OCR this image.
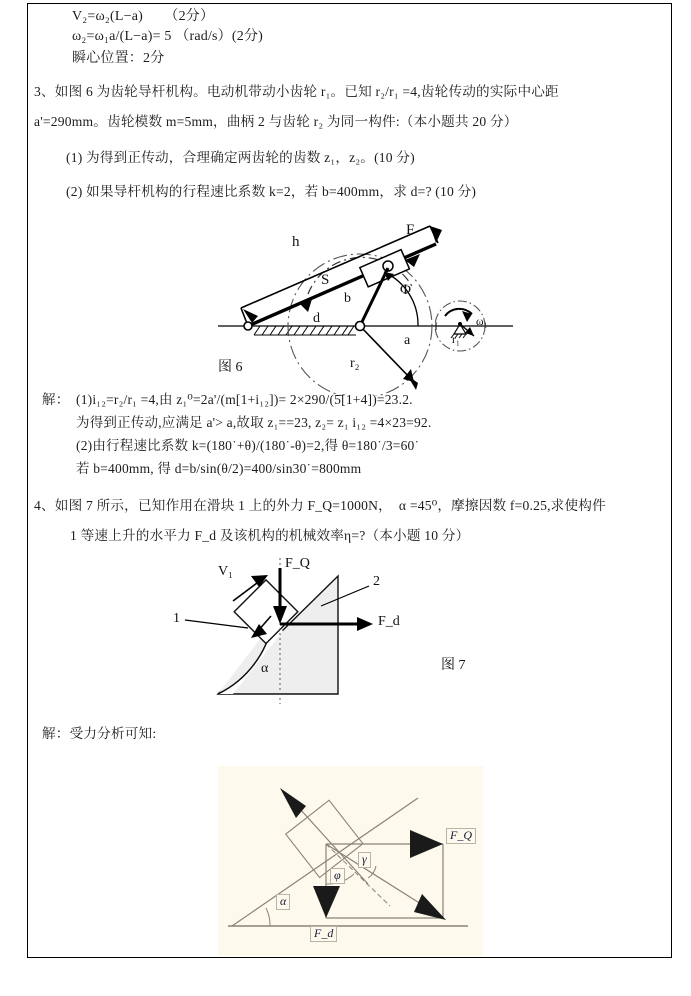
V₂=ω₂(L−a)　　（2分）
ω₂=ω₁a/(L−a)= 5 （rad/s）(2分)
瞬心位置：2分
3、如图 6 为齿轮导杆机构。电动机带动小齿轮 r₁。已知 r₂/r₁ =4,齿轮传动的实际中心距
a'=290mm。齿轮模数 m=5mm，曲柄 2 与齿轮 r₂ 为同一构件:（本小题共 20 分）
(1) 为得到正传动，合理确定两齿轮的齿数 z₁，z₂。(10 分)
(2) 如果导杆机构的行程速比系数 k=2，若 b=400mm，求 d=? (10 分)
h
F
S
b
Φ
d
a
r₂
r₁
ω₁
图 6
解： (1)i₁₂=r₂/r₁ =4,由 z₁⁰=2a'/(m[1+i₁₂])= 2×290/(5[1+4])=23.2.
为得到正传动,应满足 a'> a,故取 z₁==23, z₂= z₁ i₁₂ =4×23=92.
(2)由行程速比系数 k=(180˙+θ)/(180˙-θ)=2,得 θ=180˙/3=60˙
若 b=400mm, 得 d=b/sin(θ/2)=400/sin30˙=800mm
4、如图 7 所示，已知作用在滑块 1 上的外力 F_Q=1000N，　α =45⁰，摩擦因数 f=0.25,求使构件
1 等速上升的水平力 F_d 及该机构的机械效率η=?（本小题 10 分）
V₁
F_Q
F_d
α
1
2
图 7
解：受力分析可知:
F_Q
F_d
α
φ
γ
